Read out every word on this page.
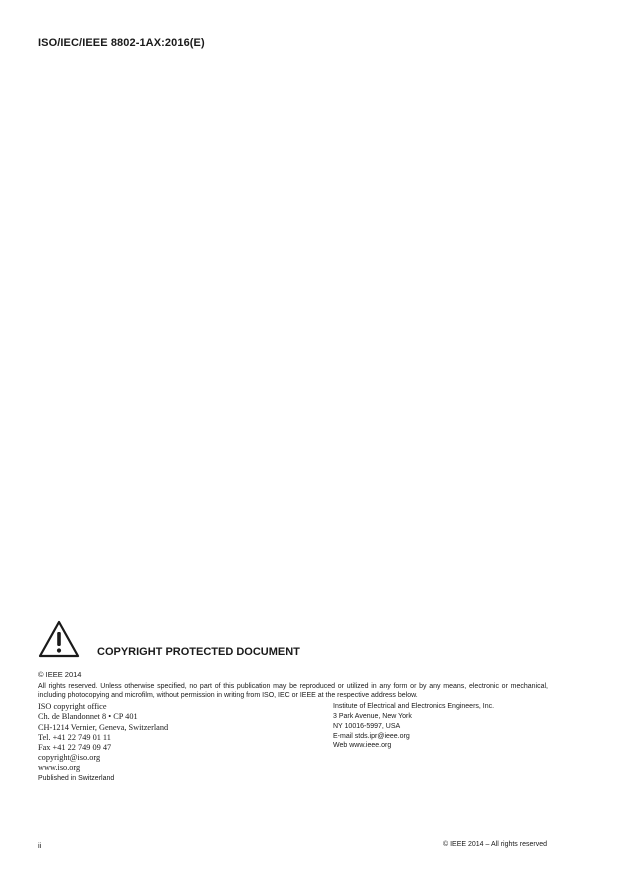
ISO/IEC/IEEE 8802-1AX:2016(E)
COPYRIGHT PROTECTED DOCUMENT
© IEEE 2014
All rights reserved. Unless otherwise specified, no part of this publication may be reproduced or utilized in any form or by any means, electronic or mechanical, including photocopying and microfilm, without permission in writing from ISO, IEC or IEEE at the respective address below.
ISO copyright office
Ch. de Blandonnet 8 • CP 401
CH-1214 Vernier, Geneva, Switzerland
Tel. +41 22 749 01 11
Fax +41 22 749 09 47
copyright@iso.org
www.iso.org
Published in Switzerland
Institute of Electrical and Electronics Engineers, Inc.
3 Park Avenue, New York
NY 10016-5997, USA
E-mail stds.ipr@ieee.org
Web www.ieee.org
ii	© IEEE 2014 – All rights reserved
